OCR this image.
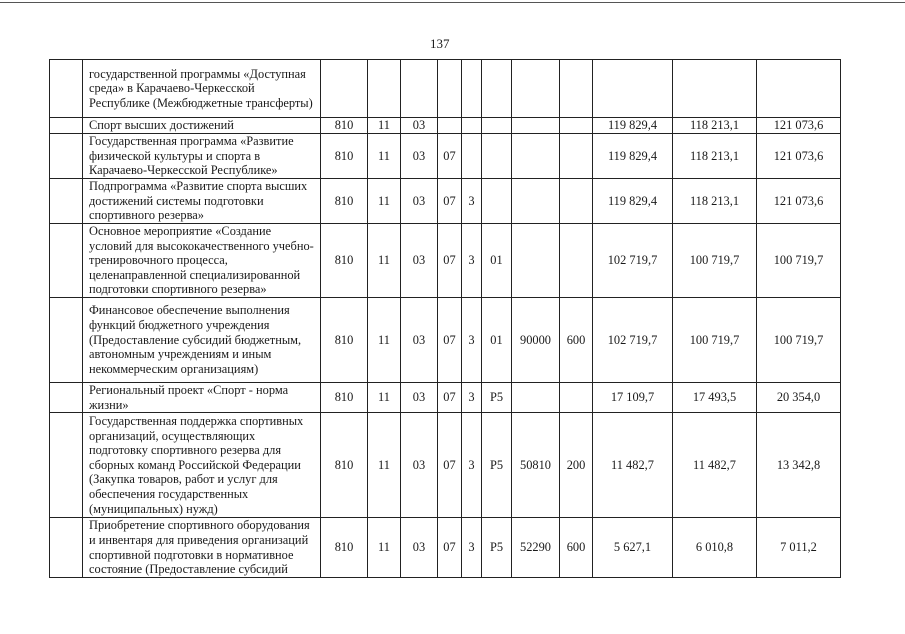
137
	государственной программы «Доступная среда» в Карачаево-Черкесской Республике (Межбюджетные трансферты)											
	Спорт высших достижений	810	11	03						119 829,4	118 213,1	121 073,6
	Государственная программа «Развитие физической культуры и спорта в Карачаево-Черкесской Республике»	810	11	03	07					119 829,4	118 213,1	121 073,6
	Подпрограмма «Развитие спорта высших достижений системы подготовки спортивного резерва»	810	11	03	07	3				119 829,4	118 213,1	121 073,6
	Основное мероприятие «Создание условий для высококачественного учебно-тренировочного процесса, целенаправленной специализированной подготовки спортивного резерва»	810	11	03	07	3	01			102 719,7	100 719,7	100 719,7
	Финансовое обеспечение выполнения функций бюджетного учреждения (Предоставление субсидий бюджетным, автономным учреждениям и иным некоммерческим организациям)	810	11	03	07	3	01	90000	600	102 719,7	100 719,7	100 719,7
	Региональный проект «Спорт - норма жизни»	810	11	03	07	3	P5			17 109,7	17 493,5	20 354,0
	Государственная поддержка спортивных организаций, осуществляющих подготовку спортивного резерва для сборных команд Российской Федерации (Закупка товаров, работ и услуг для обеспечения государственных (муниципальных) нужд)	810	11	03	07	3	P5	50810	200	11 482,7	11 482,7	13 342,8
	Приобретение спортивного оборудования и инвентаря для приведения организаций спортивной подготовки в нормативное состояние (Предоставление субсидий	810	11	03	07	3	P5	52290	600	5 627,1	6 010,8	7 011,2
